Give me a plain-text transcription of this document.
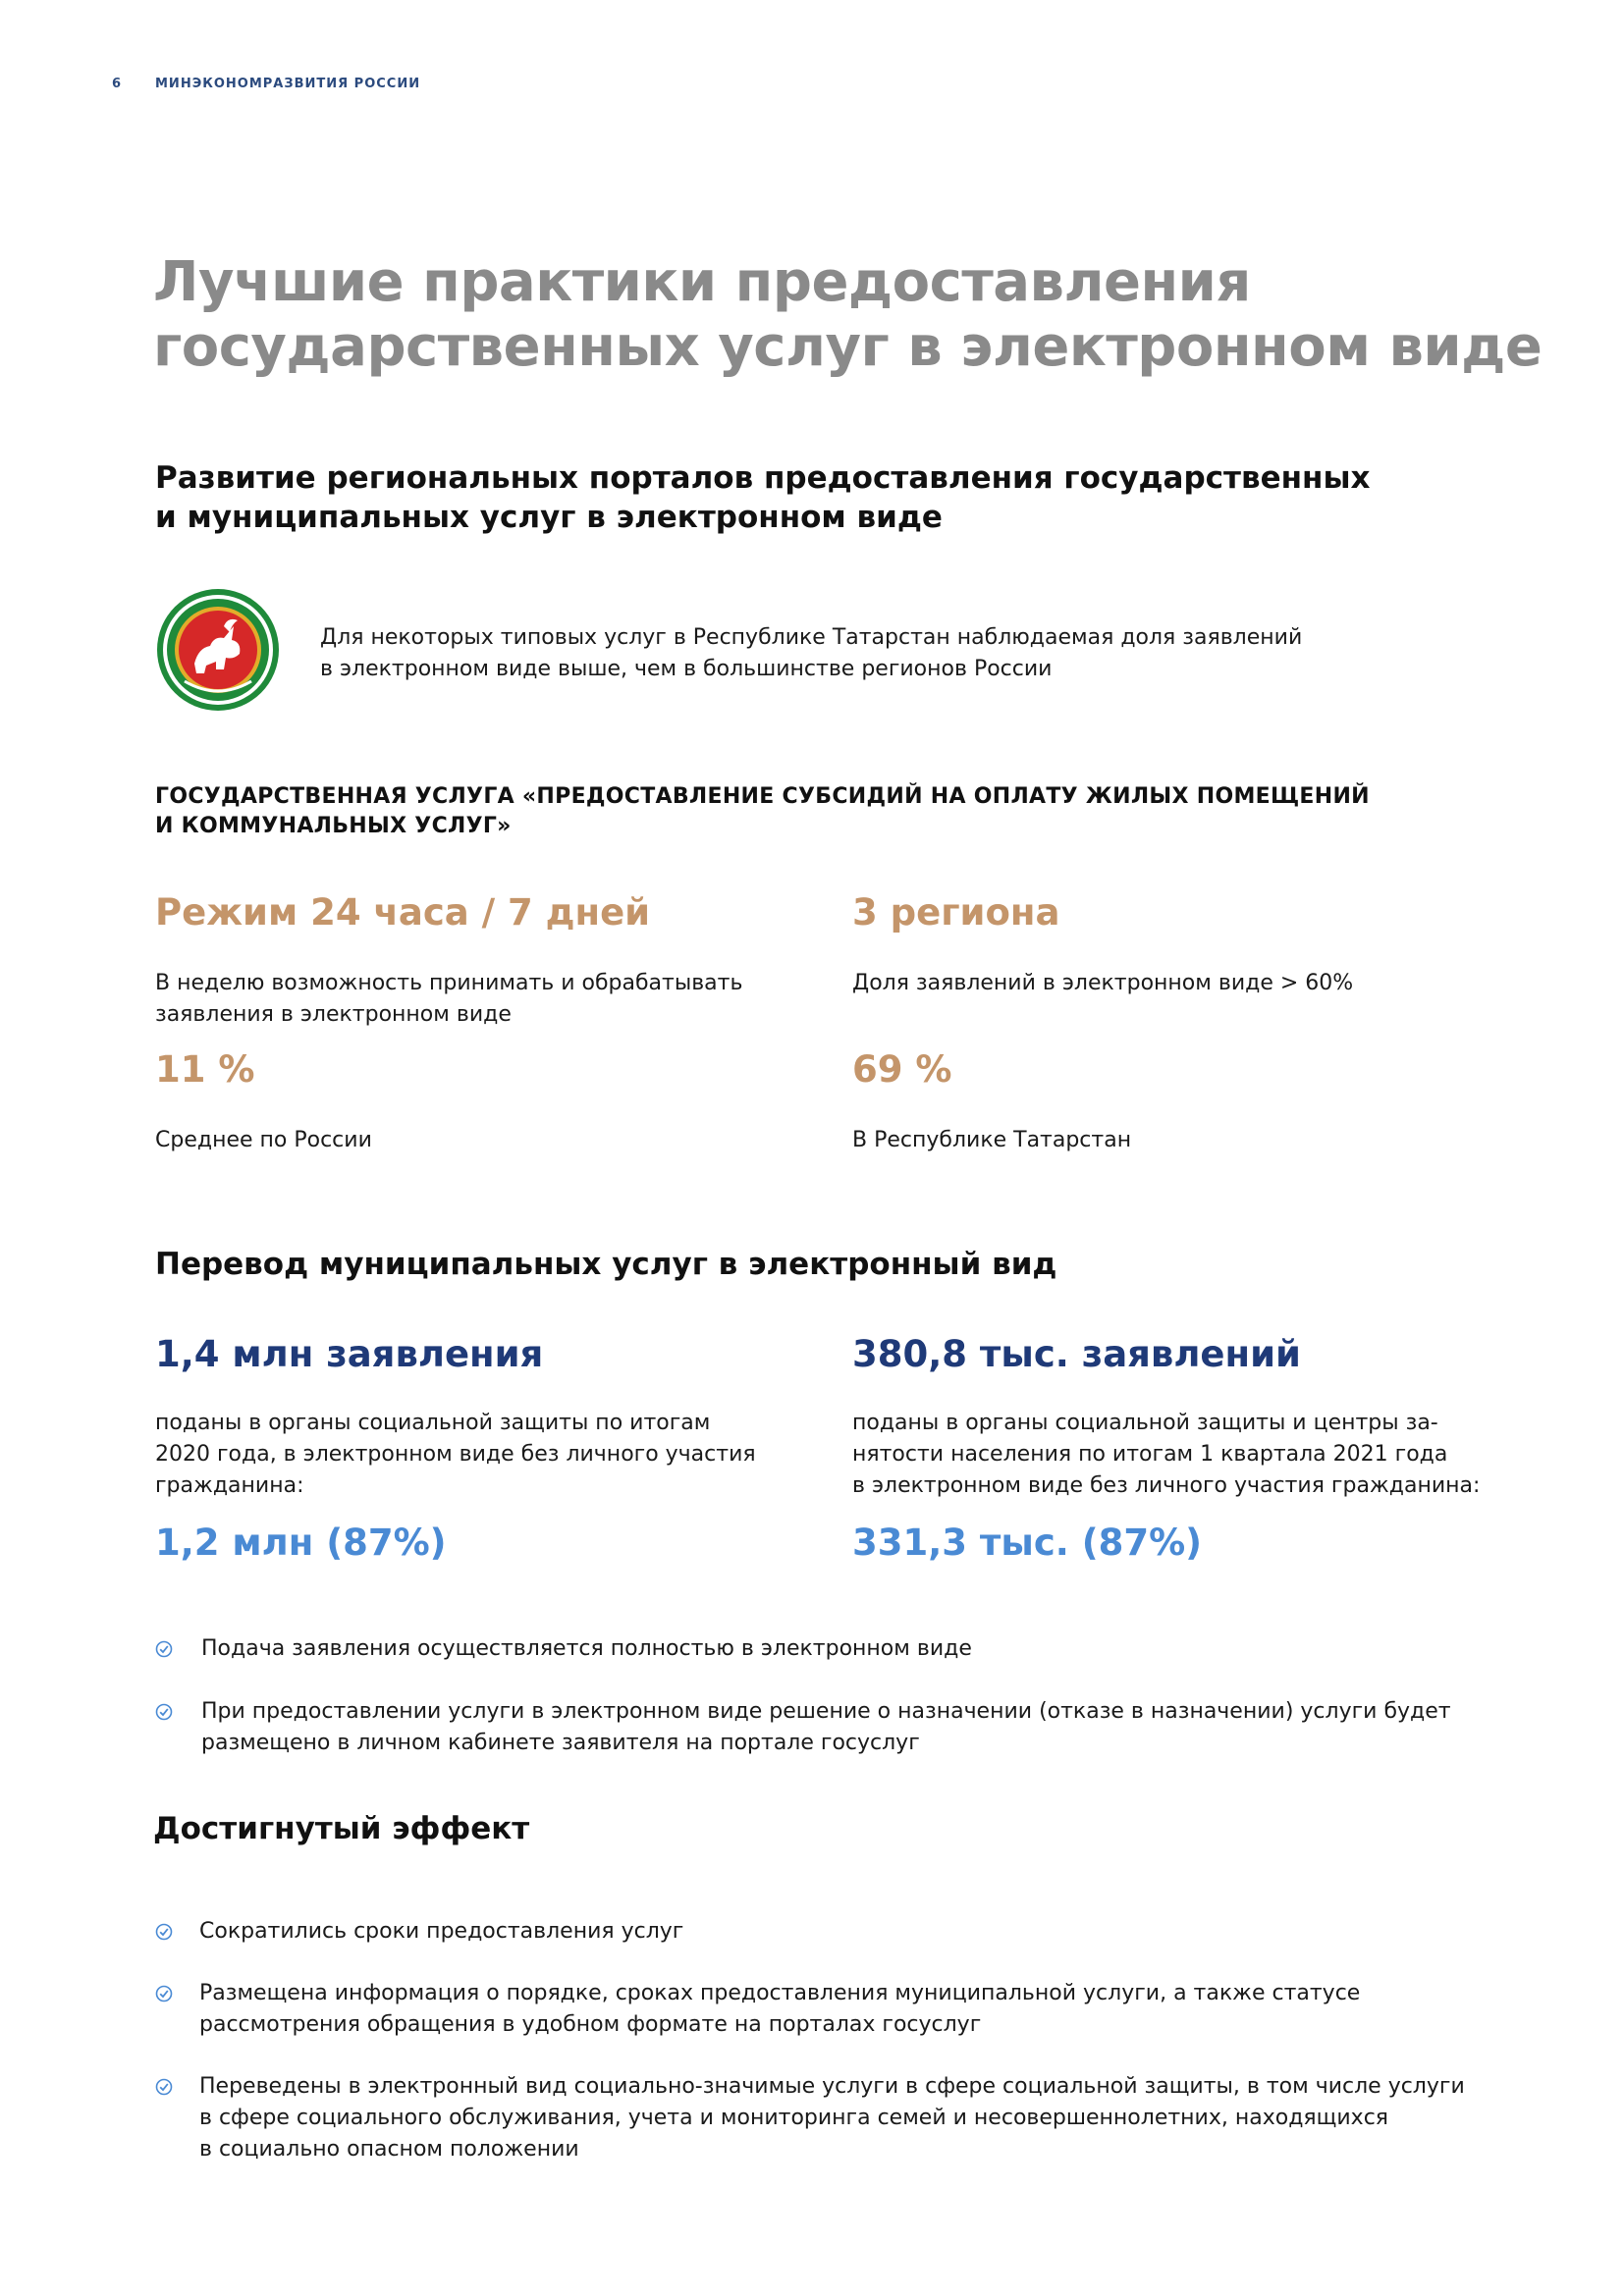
6	МИНЭКОНОМРАЗВИТИЯ РОССИИ
Лучшие практики предоставления
государственных услуг в электронном виде
Развитие региональных порталов предоставления государственных
и муниципальных услуг в электронном виде
Для некоторых типовых услуг в Республике Татарстан наблюдаемая доля заявлений
в электронном виде выше, чем в большинстве регионов России
ГОСУДАРСТВЕННАЯ УСЛУГА «ПРЕДОСТАВЛЕНИЕ СУБСИДИЙ НА ОПЛАТУ ЖИЛЫХ ПОМЕЩЕНИЙ
И КОММУНАЛЬНЫХ УСЛУГ»
Режим 24 часа / 7 дней
В неделю возможность принимать и обрабатывать
заявления в электронном виде
11 %
Среднее по России
3 региона
Доля заявлений в электронном виде > 60%
69 %
В Республике Татарстан
Перевод муниципальных услуг в электронный вид
1,4 млн заявления
поданы в органы социальной защиты по итогам
2020 года, в электронном виде без личного участия
гражданина:
1,2 млн (87%)
380,8 тыс. заявлений
поданы в органы социальной защиты и центры за-
нятости населения по итогам 1 квартала 2021 года
в электронном виде без личного участия гражданина:
331,3 тыс. (87%)
Подача заявления осуществляется полностью в электронном виде
При предоставлении услуги в электронном виде решение о назначении (отказе в назначении) услуги будет
размещено в личном кабинете заявителя на портале госуслуг
Достигнутый эффект
Сократились сроки предоставления услуг
Размещена информация о порядке, сроках предоставления муниципальной услуги, а также статусе
рассмотрения обращения в удобном формате на порталах госуслуг
Переведены в электронный вид социально-значимые услуги в сфере социальной защиты, в том числе услуги
в сфере социального обслуживания, учета и мониторинга семей и несовершеннолетних, находящихся
в социально опасном положении
